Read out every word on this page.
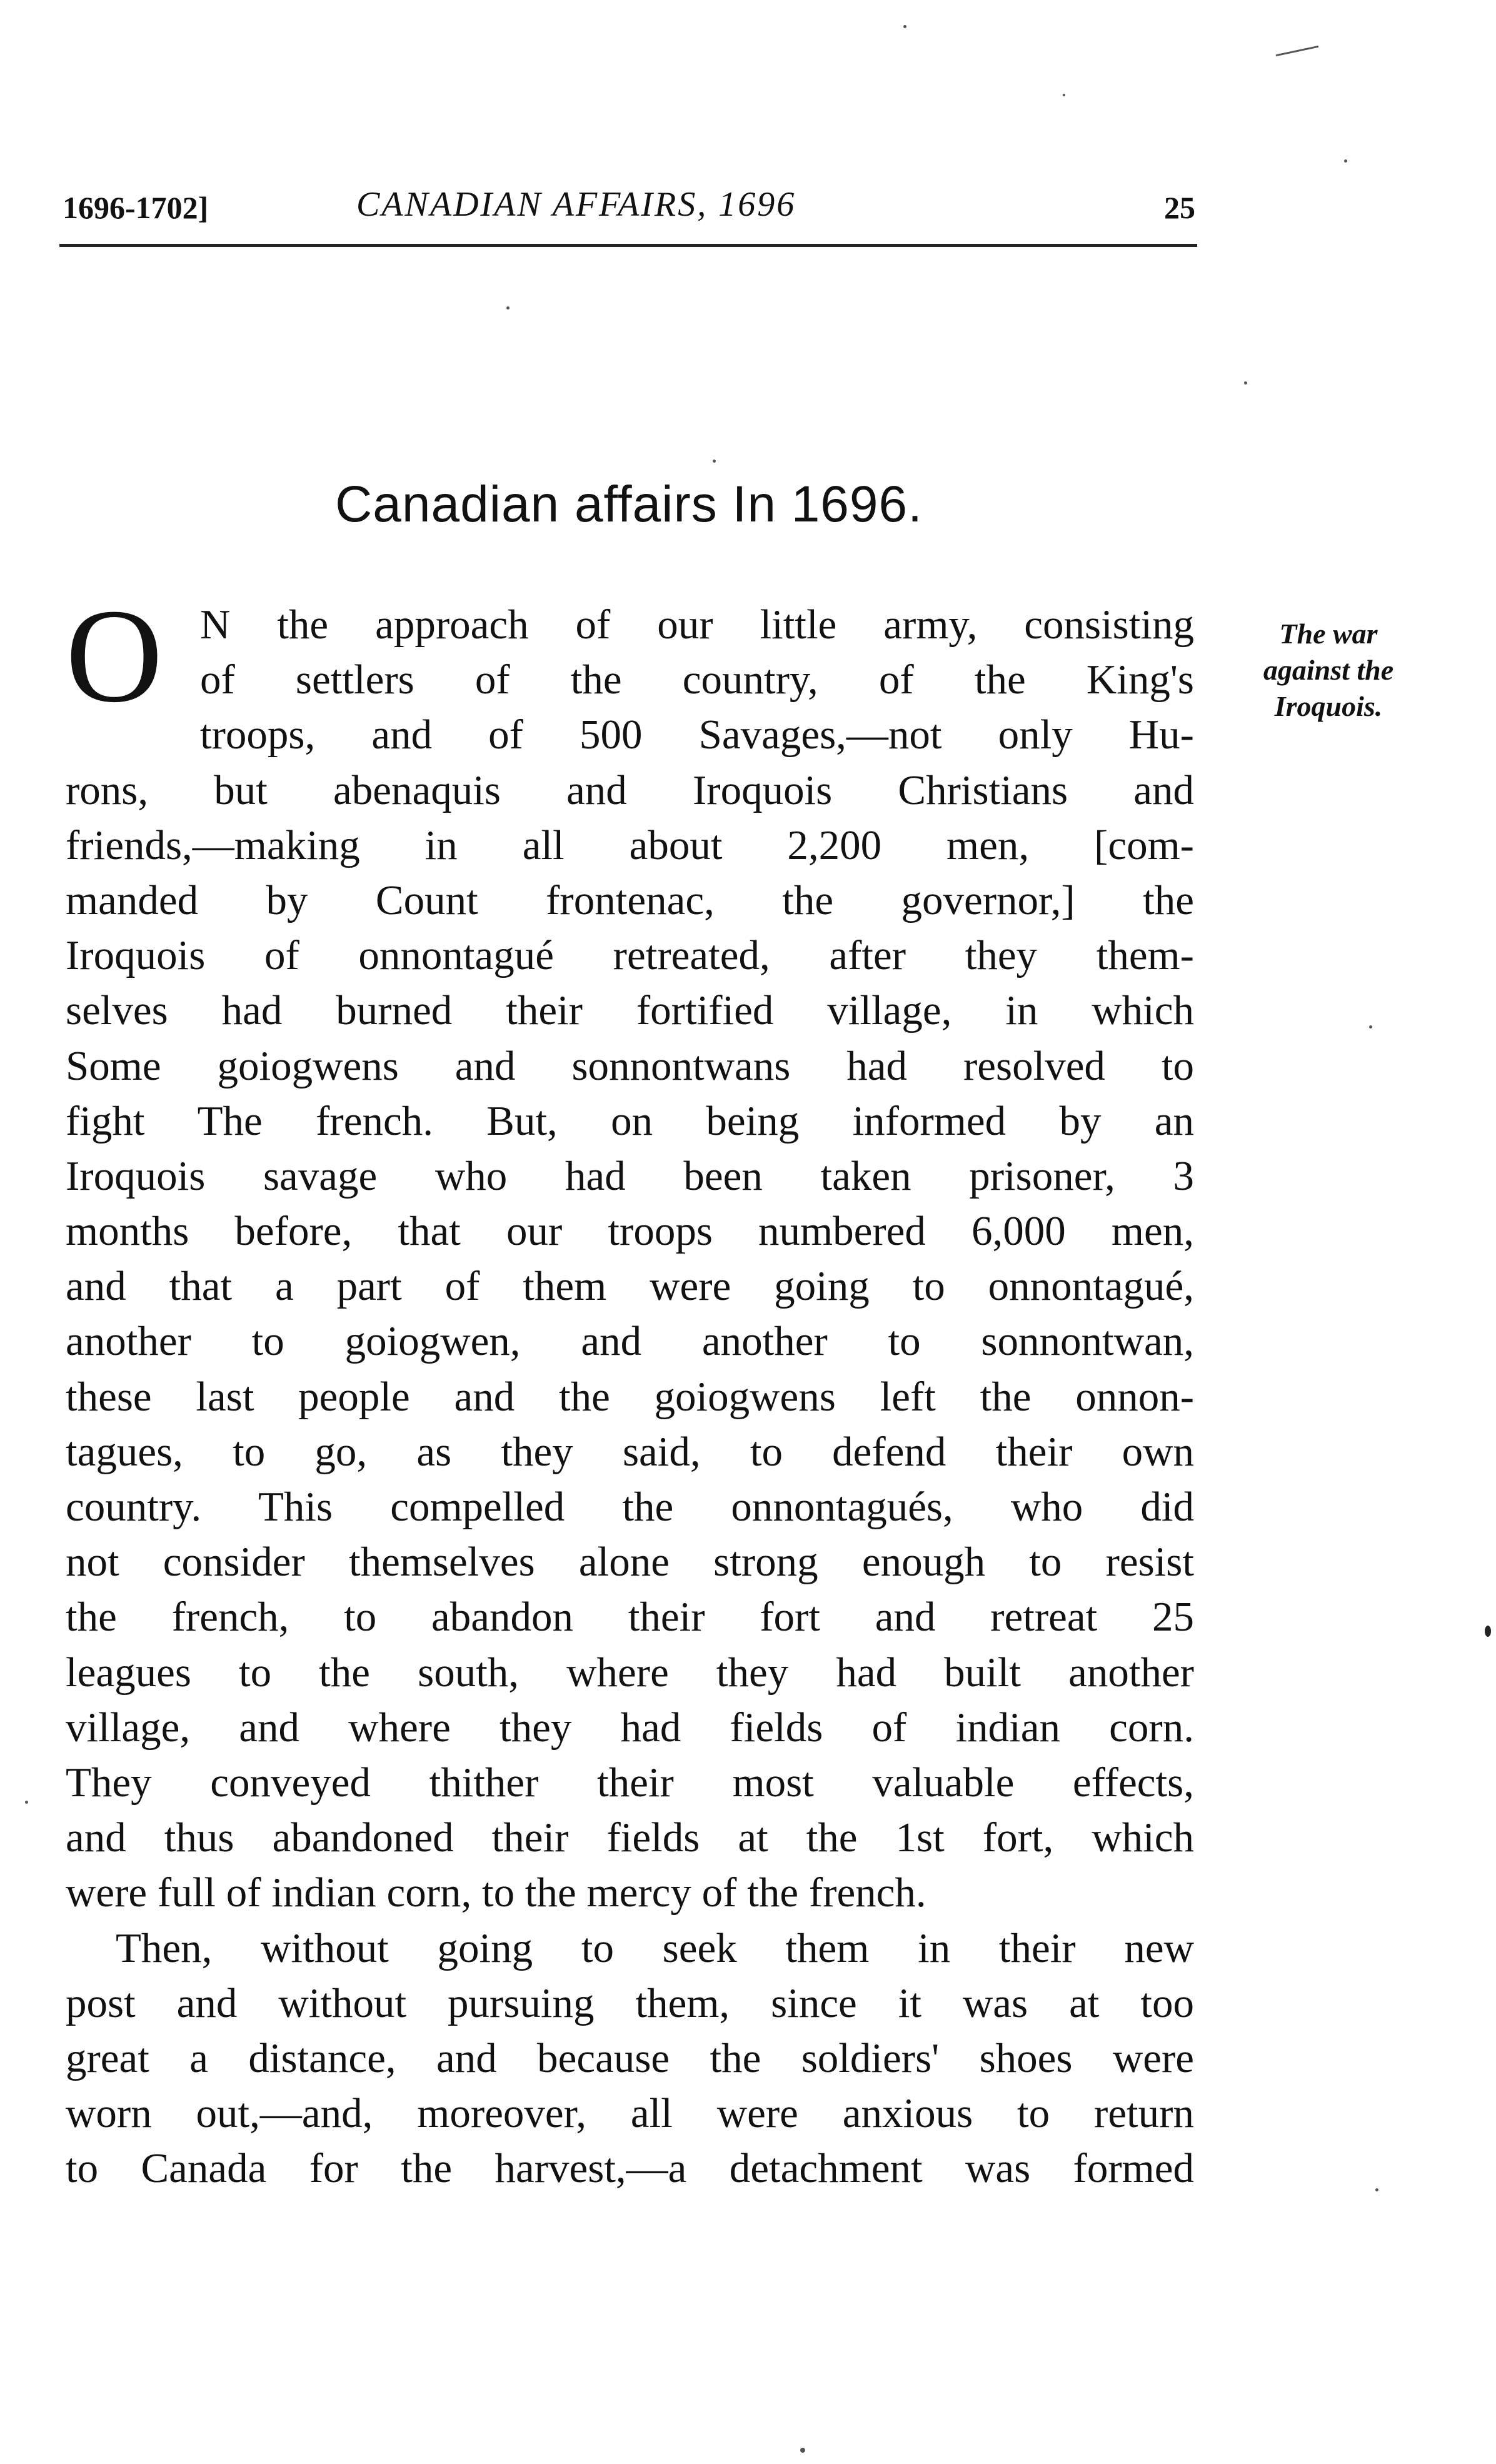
1696-1702]	CANADIAN AFFAIRS, 1696	25
Canadian affairs In 1696.
The war
against the
Iroquois.
O N the approach of our little army, consisting
of settlers of the country, of the King's
troops, and of 500 Savages,—not only Hu-
rons, but abenaquis and Iroquois Christians and
friends,—making in all about 2,200 men, [com-
manded by Count frontenac, the governor,] the
Iroquois of onnontagué retreated, after they them-
selves had burned their fortified village, in which
Some goiogwens and sonnontwans had resolved to
fight The french. But, on being informed by an
Iroquois savage who had been taken prisoner, 3
months before, that our troops numbered 6,000 men,
and that a part of them were going to onnontagué,
another to goiogwen, and another to sonnontwan,
these last people and the goiogwens left the onnon-
tagues, to go, as they said, to defend their own
country. This compelled the onnontagués, who did
not consider themselves alone strong enough to resist
the french, to abandon their fort and retreat 25
leagues to the south, where they had built another
village, and where they had fields of indian corn.
They conveyed thither their most valuable effects,
and thus abandoned their fields at the 1st fort, which
were full of indian corn, to the mercy of the french.
Then, without going to seek them in their new
post and without pursuing them, since it was at too
great a distance, and because the soldiers' shoes were
worn out,—and, moreover, all were anxious to return
to Canada for the harvest,—a detachment was formed
